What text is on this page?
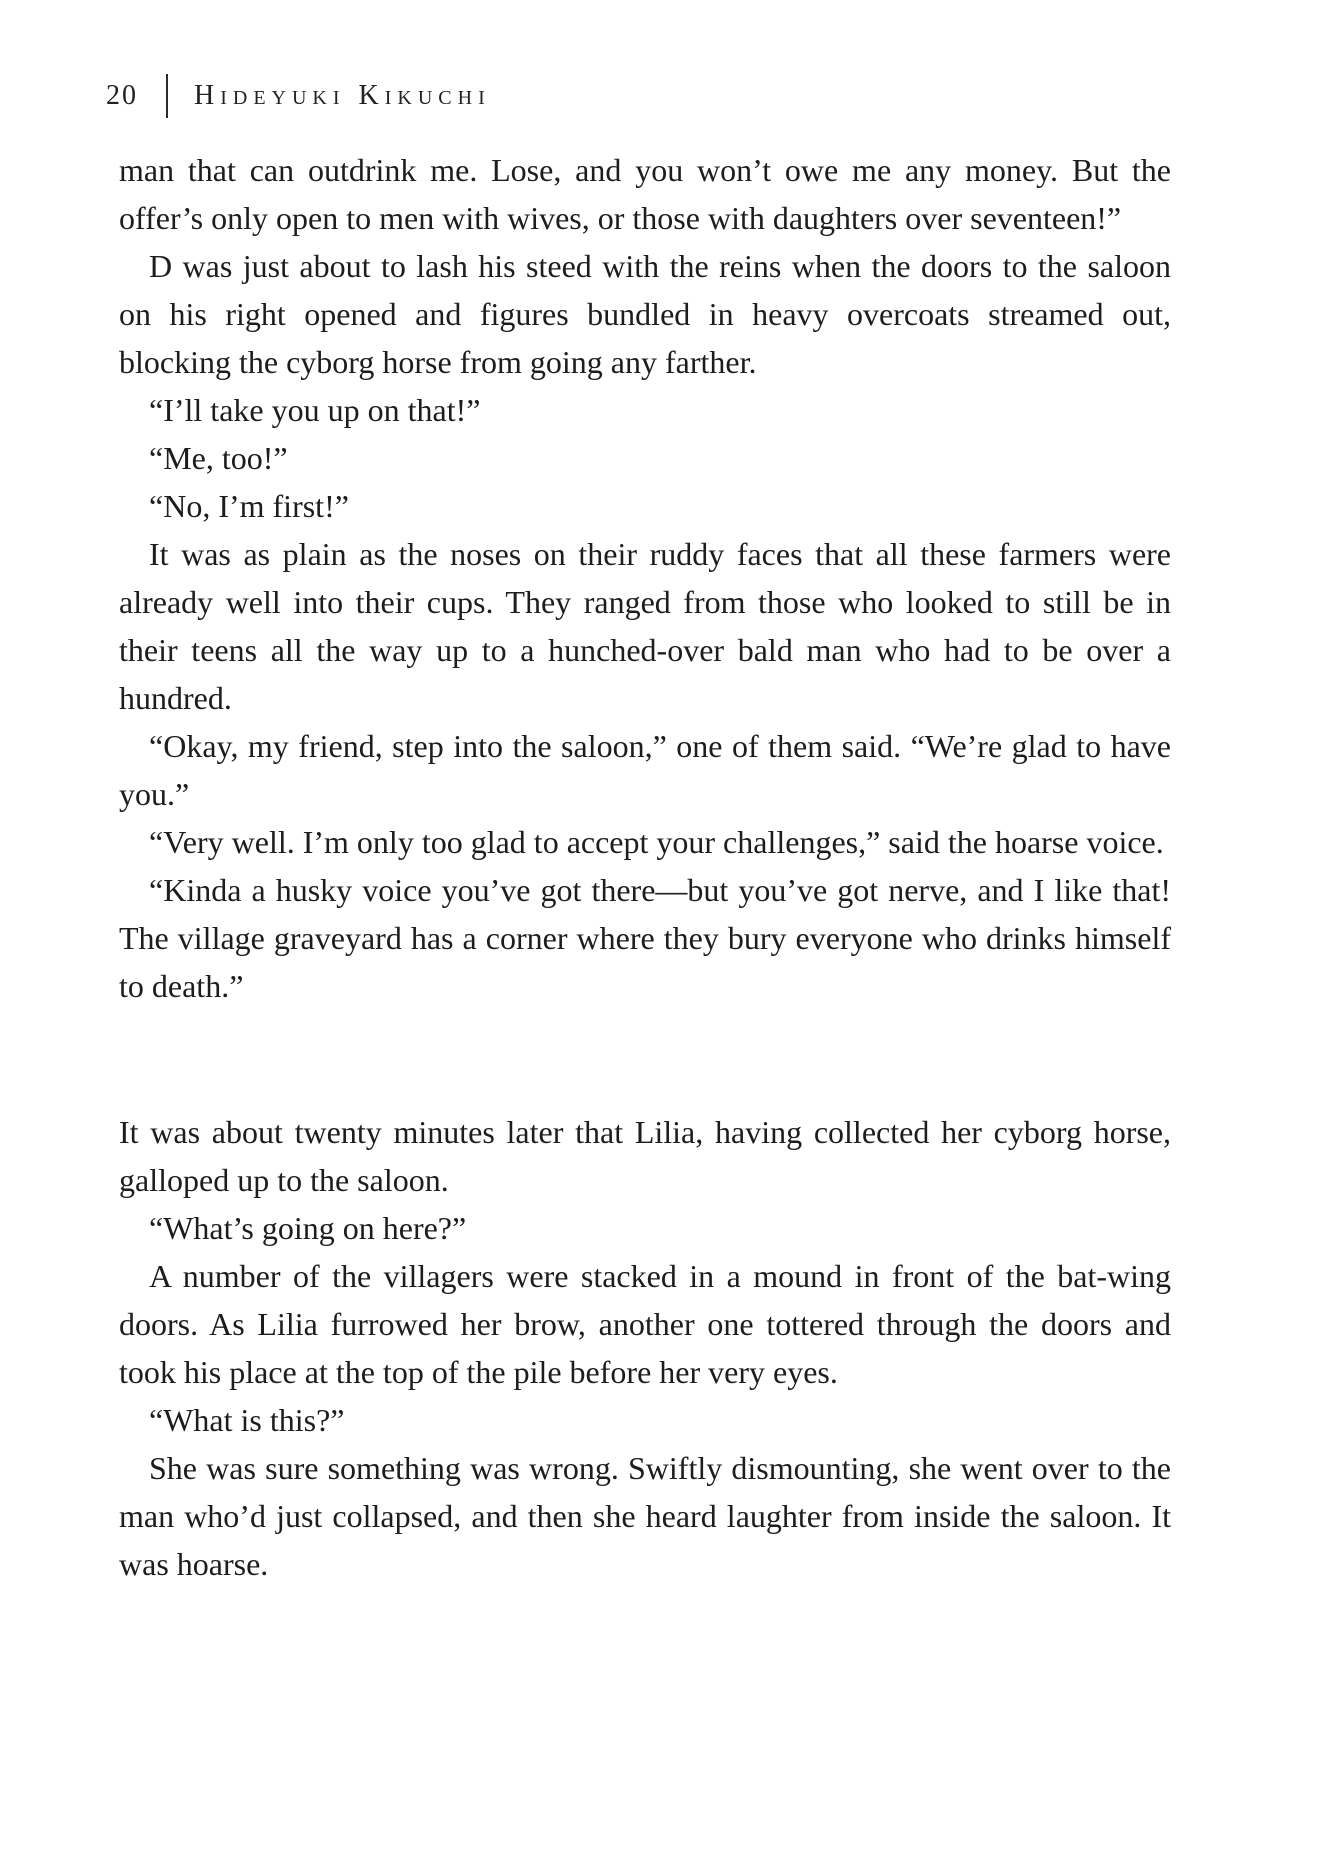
20 Hideyuki Kikuchi

man that can outdrink me. Lose, and you won’t owe me any money. But the offer’s only open to men with wives, or those with daughters over seventeen!”

D was just about to lash his steed with the reins when the doors to the saloon on his right opened and figures bundled in heavy overcoats streamed out, blocking the cyborg horse from going any farther.

“I’ll take you up on that!”

“Me, too!”

“No, I’m first!”

It was as plain as the noses on their ruddy faces that all these farmers were already well into their cups. They ranged from those who looked to still be in their teens all the way up to a hunched-over bald man who had to be over a hundred.

“Okay, my friend, step into the saloon,” one of them said. “We’re glad to have you.”

“Very well. I’m only too glad to accept your challenges,” said the hoarse voice.

“Kinda a husky voice you’ve got there—but you’ve got nerve, and I like that! The village graveyard has a corner where they bury everyone who drinks himself to death.”

It was about twenty minutes later that Lilia, having collected her cyborg horse, galloped up to the saloon.

“What’s going on here?”

A number of the villagers were stacked in a mound in front of the bat-wing doors. As Lilia furrowed her brow, another one tottered through the doors and took his place at the top of the pile before her very eyes.

“What is this?”

She was sure something was wrong. Swiftly dismounting, she went over to the man who’d just collapsed, and then she heard laughter from inside the saloon. It was hoarse.
